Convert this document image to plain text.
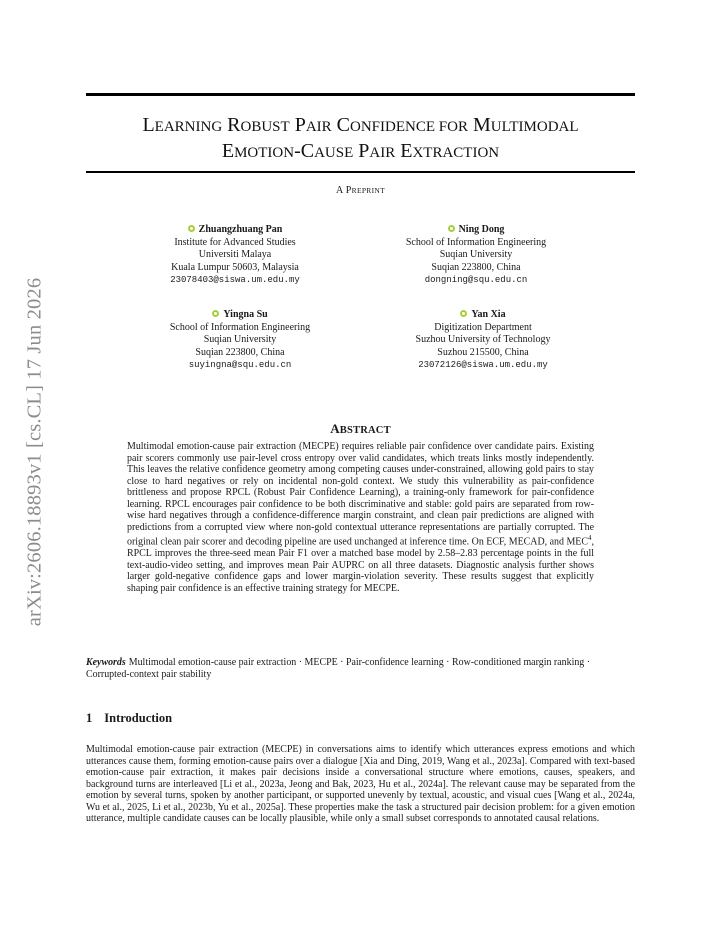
arXiv:2606.18893v1 [cs.CL] 17 Jun 2026
LEARNING ROBUST PAIR CONFIDENCE FOR MULTIMODAL
EMOTION-CAUSE PAIR EXTRACTION
A PREPRINT
Zhuangzhuang Pan
Institute for Advanced Studies
Universiti Malaya
Kuala Lumpur 50603, Malaysia
23078403@siswa.um.edu.my
Ning Dong
School of Information Engineering
Suqian University
Suqian 223800, China
dongning@squ.edu.cn
Yingna Su
School of Information Engineering
Suqian University
Suqian 223800, China
suyingna@squ.edu.cn
Yan Xia
Digitization Department
Suzhou University of Technology
Suzhou 215500, China
23072126@siswa.um.edu.my
ABSTRACT
Multimodal emotion-cause pair extraction (MECPE) requires reliable pair confidence over candidate pairs. Existing pair scorers commonly use pair-level cross entropy over valid candidates, which treats links mostly independently. This leaves the relative confidence geometry among competing causes under-constrained, allowing gold pairs to stay close to hard negatives or rely on incidental non-gold context. We study this vulnerability as pair-confidence brittleness and propose RPCL (Robust Pair Confidence Learning), a training-only framework for pair-confidence learning. RPCL encourages pair confidence to be both discriminative and stable: gold pairs are separated from row-wise hard negatives through a confidence-difference margin constraint, and clean pair predictions are aligned with predictions from a corrupted view where non-gold contextual utterance representations are partially corrupted. The original clean pair scorer and decoding pipeline are used unchanged at inference time. On ECF, MECAD, and MEC$^4$, RPCL improves the three-seed mean Pair F1 over a matched base model by 2.58–2.83 percentage points in the full text-audio-video setting, and improves mean Pair AUPRC on all three datasets. Diagnostic analysis further shows larger gold-negative confidence gaps and lower margin-violation severity. These results suggest that explicitly shaping pair confidence is an effective training strategy for MECPE.
Keywords Multimodal emotion-cause pair extraction · MECPE · Pair-confidence learning · Row-conditioned margin ranking · Corrupted-context pair stability
1 Introduction
Multimodal emotion-cause pair extraction (MECPE) in conversations aims to identify which utterances express emotions and which utterances cause them, forming emotion-cause pairs over a dialogue [Xia and Ding, 2019, Wang et al., 2023a]. Compared with text-based emotion-cause pair extraction, it makes pair decisions inside a conversational structure where emotions, causes, speakers, and background turns are interleaved [Li et al., 2023a, Jeong and Bak, 2023, Hu et al., 2024a]. The relevant cause may be separated from the emotion by several turns, spoken by another participant, or supported unevenly by textual, acoustic, and visual cues [Wang et al., 2024a, Wu et al., 2025, Li et al., 2023b, Yu et al., 2025a]. These properties make the task a structured pair decision problem: for a given emotion utterance, multiple candidate causes can be locally plausible, while only a small subset corresponds to annotated causal relations.
